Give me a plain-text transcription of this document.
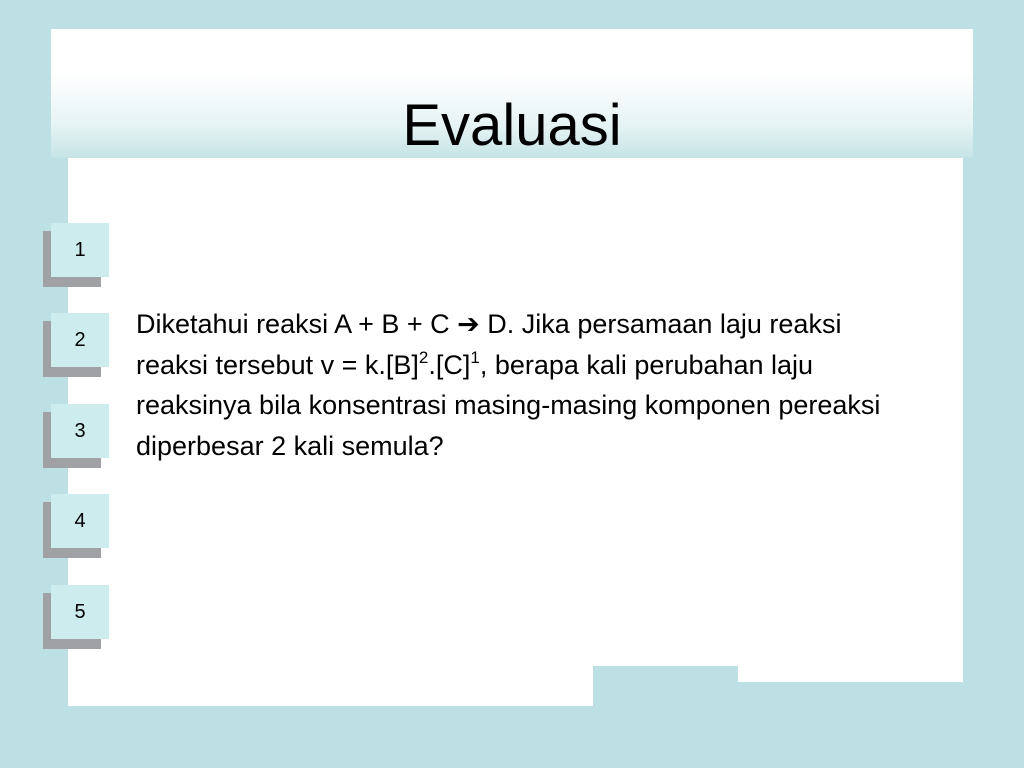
Evaluasi
1
2
3
4
5
Diketahui reaksi A + B + C ➔ D. Jika persamaan laju reaksi reaksi tersebut $v = k.[B]^2.[C]^1$, berapa kali perubahan laju reaksinya bila konsentrasi masing-masing komponen pereaksi diperbesar 2 kali semula?
